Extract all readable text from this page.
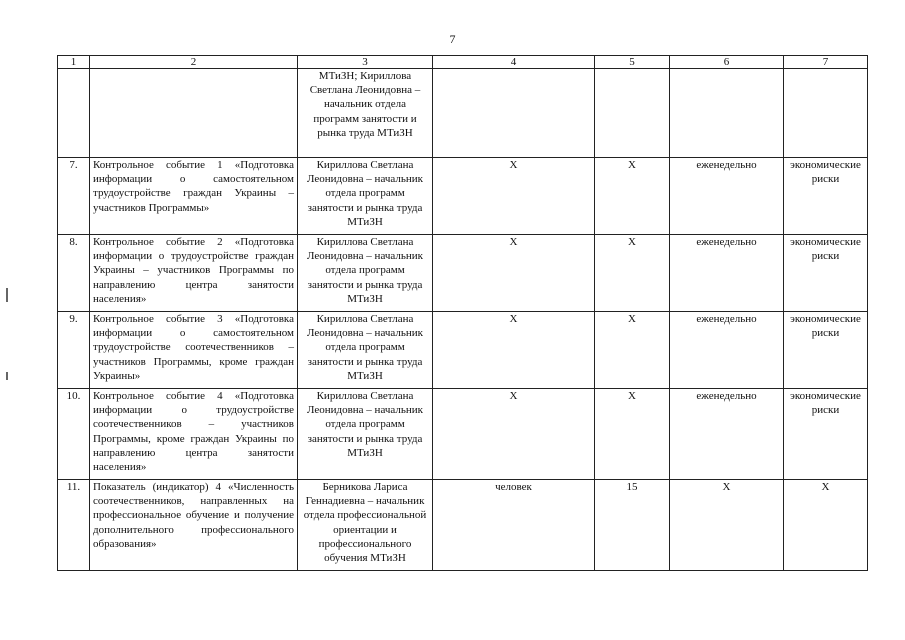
7
1	2	3	4	5	6	7
		МТиЗН; Кириллова Светлана Леонидовна – начальник отдела программ занятости и рынка труда МТиЗН				
7.	Контрольное событие 1 «Подготовка информации о самостоятельном трудоустройстве граждан Украины – участников Программы»	Кириллова Светлана Леонидовна – начальник отдела программ занятости и рынка труда МТиЗН	Х	Х	еженедельно	экономические риски
8.	Контрольное событие 2 «Подготовка информации о трудоустройстве граждан Украины – участников Программы по направлению центра занятости населения»	Кириллова Светлана Леонидовна – начальник отдела программ занятости и рынка труда МТиЗН	Х	Х	еженедельно	экономические риски
9.	Контрольное событие 3 «Подготовка информации о самостоятельном трудоустройстве соотечественников – участников Программы, кроме граждан Украины»	Кириллова Светлана Леонидовна – начальник отдела программ занятости и рынка труда МТиЗН	Х	Х	еженедельно	экономические риски
10.	Контрольное событие 4 «Подготовка информации о трудоустройстве соотечественников – участников Программы, кроме граждан Украины по направлению центра занятости населения»	Кириллова Светлана Леонидовна – начальник отдела программ занятости и рынка труда МТиЗН	Х	Х	еженедельно	экономические риски
11.	Показатель (индикатор) 4 «Численность соотечественников, направленных на профессиональное обучение и получение дополнительного профессионального образования»	Берникова Лариса Геннадиевна – начальник отдела профессиональной ориентации и профессионального обучения МТиЗН	человек	15	Х	Х
